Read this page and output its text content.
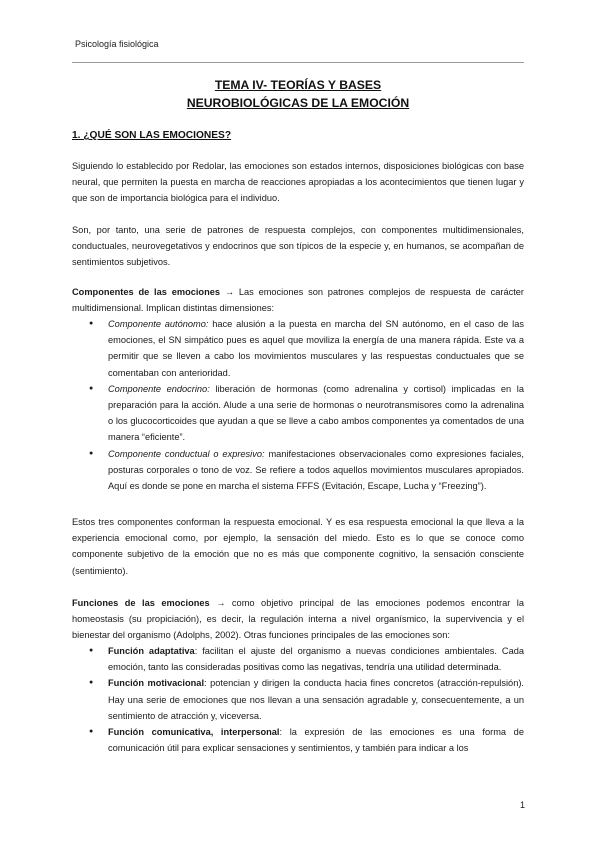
Psicología fisiológica
TEMA IV- TEORÍAS Y BASES
NEUROBIOLÓGICAS DE LA EMOCIÓN
1. ¿QUÉ SON LAS EMOCIONES?

Siguiendo lo establecido por Redolar, las emociones son estados internos, disposiciones biológicas con base neural, que permiten la puesta en marcha de reacciones apropiadas a los acontecimientos que tienen lugar y que son de importancia biológica para el individuo.

Son, por tanto, una serie de patrones de respuesta complejos, con componentes multidimensionales, conductuales, neurovegetativos y endocrinos que son típicos de la especie y, en humanos, se acompañan de sentimientos subjetivos.

Componentes de las emociones → Las emociones son patrones complejos de respuesta de carácter multidimensional. Implican distintas dimensiones:

● Componente autónomo: hace alusión a la puesta en marcha del SN autónomo, en el caso de las emociones, el SN simpático pues es aquel que moviliza la energía de una manera rápida. Este va a permitir que se lleven a cabo los movimientos musculares y las respuestas conductuales que se comentaban con anterioridad.
● Componente endocrino: liberación de hormonas (como adrenalina y cortisol) implicadas en la preparación para la acción. Alude a una serie de hormonas o neurotransmisores como la adrenalina o los glucocorticoides que ayudan a que se lleve a cabo ambos componentes ya comentados de una manera “eficiente”.
● Componente conductual o expresivo: manifestaciones observacionales como expresiones faciales, posturas corporales o tono de voz. Se refiere a todos aquellos movimientos musculares apropiados. Aquí es donde se pone en marcha el sistema FFFS (Evitación, Escape, Lucha y “Freezing”).

Estos tres componentes conforman la respuesta emocional. Y es esa respuesta emocional la que lleva a la experiencia emocional como, por ejemplo, la sensación del miedo. Esto es lo que se conoce como componente subjetivo de la emoción que no es más que componente cognitivo, la sensación consciente (sentimiento).

Funciones de las emociones → como objetivo principal de las emociones podemos encontrar la homeostasis (su propiciación), es decir, la regulación interna a nivel organísmico, la supervivencia y el bienestar del organismo (Adolphs, 2002). Otras funciones principales de las emociones son:

● Función adaptativa: facilitan el ajuste del organismo a nuevas condiciones ambientales. Cada emoción, tanto las consideradas positivas como las negativas, tendría una utilidad determinada.
● Función motivacional: potencian y dirigen la conducta hacia fines concretos (atracción-repulsión). Hay una serie de emociones que nos llevan a una sensación agradable y, consecuentemente, a un sentimiento de atracción y, viceversa.
● Función comunicativa, interpersonal: la expresión de las emociones es una forma de comunicación útil para explicar sensaciones y sentimientos, y también para indicar a los
1
